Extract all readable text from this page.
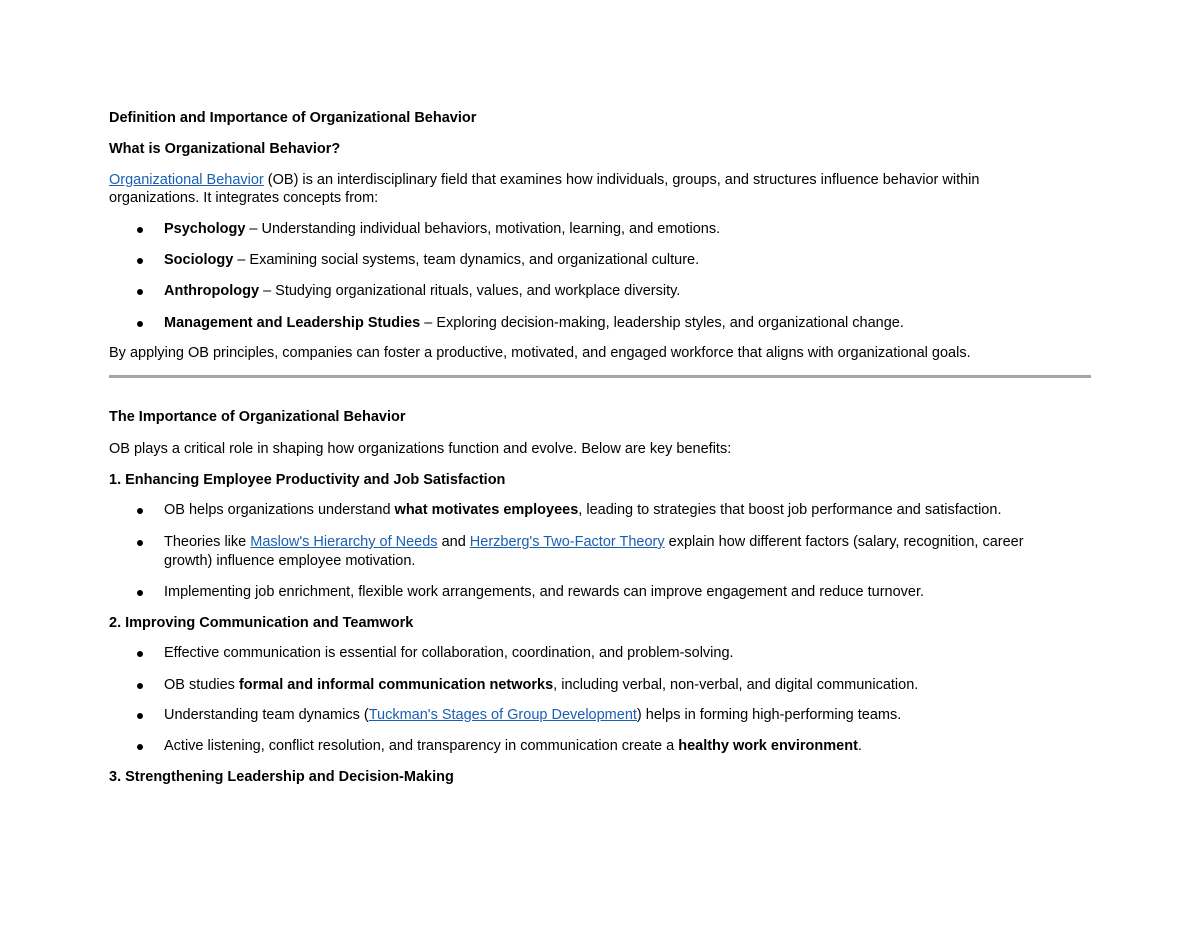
Definition and Importance of Organizational Behavior
What is Organizational Behavior?
Organizational Behavior (OB) is an interdisciplinary field that examines how individuals, groups, and structures influence behavior within organizations. It integrates concepts from:
Psychology – Understanding individual behaviors, motivation, learning, and emotions.
Sociology – Examining social systems, team dynamics, and organizational culture.
Anthropology – Studying organizational rituals, values, and workplace diversity.
Management and Leadership Studies – Exploring decision-making, leadership styles, and organizational change.
By applying OB principles, companies can foster a productive, motivated, and engaged workforce that aligns with organizational goals.
The Importance of Organizational Behavior
OB plays a critical role in shaping how organizations function and evolve. Below are key benefits:
1. Enhancing Employee Productivity and Job Satisfaction
OB helps organizations understand what motivates employees, leading to strategies that boost job performance and satisfaction.
Theories like Maslow's Hierarchy of Needs and Herzberg's Two-Factor Theory explain how different factors (salary, recognition, career growth) influence employee motivation.
Implementing job enrichment, flexible work arrangements, and rewards can improve engagement and reduce turnover.
2. Improving Communication and Teamwork
Effective communication is essential for collaboration, coordination, and problem-solving.
OB studies formal and informal communication networks, including verbal, non-verbal, and digital communication.
Understanding team dynamics (Tuckman's Stages of Group Development) helps in forming high-performing teams.
Active listening, conflict resolution, and transparency in communication create a healthy work environment.
3. Strengthening Leadership and Decision-Making
